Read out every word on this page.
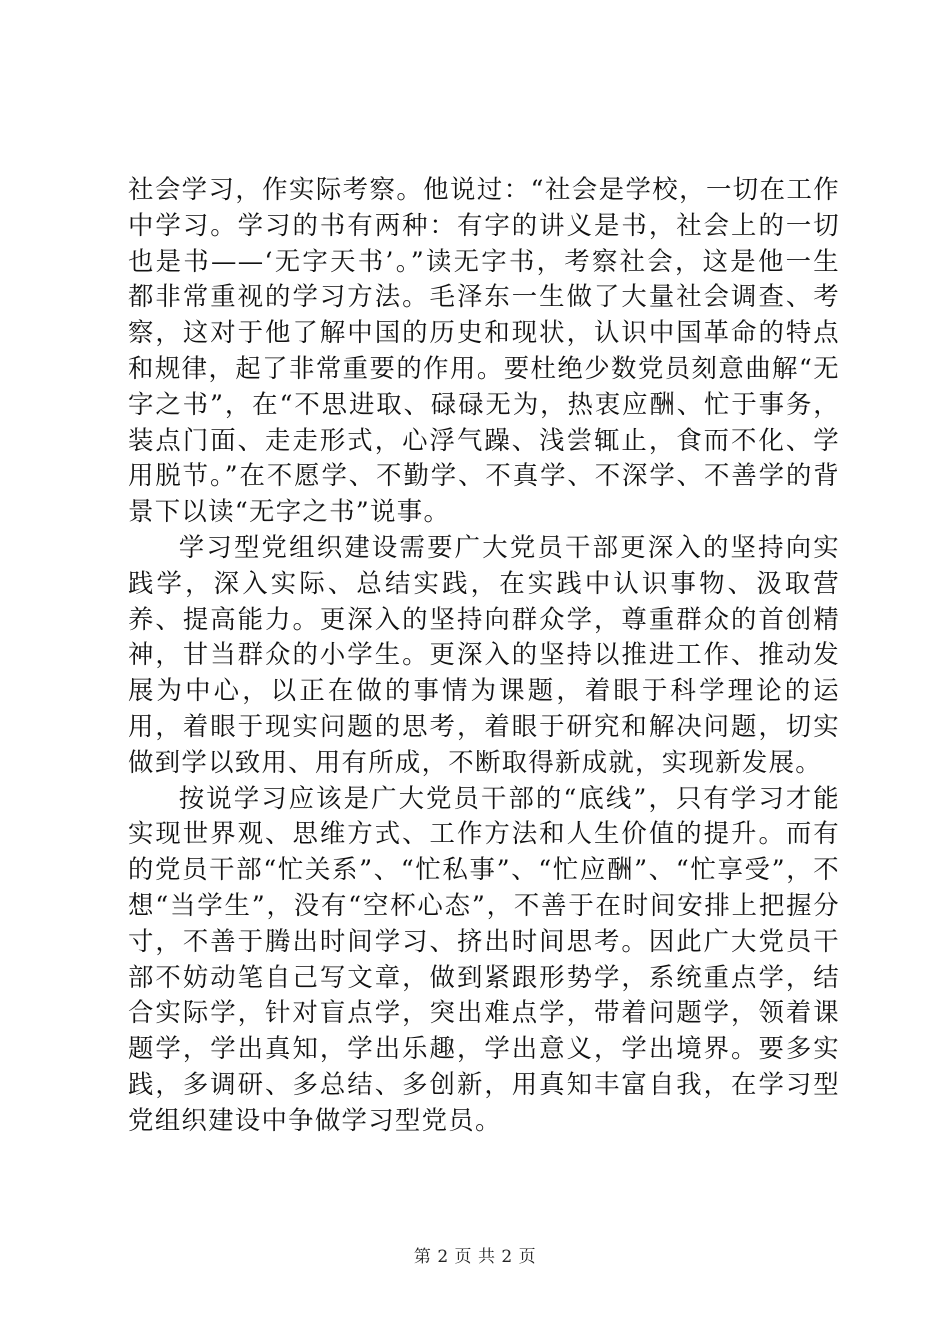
社会学习，作实际考察。他说过：“社会是学校，一切在工作中学习。学习的书有两种：有字的讲义是书，社会上的一切也是书——‘无字天书’。”读无字书，考察社会，这是他一生都非常重视的学习方法。毛泽东一生做了大量社会调查、考察，这对于他了解中国的历史和现状，认识中国革命的特点和规律，起了非常重要的作用。要杜绝少数党员刻意曲解“无字之书”，在“不思进取、碌碌无为，热衷应酬、忙于事务，装点门面、走走形式，心浮气躁、浅尝辄止，食而不化、学用脱节。”在不愿学、不勤学、不真学、不深学、不善学的背景下以读“无字之书”说事。

学习型党组织建设需要广大党员干部更深入的坚持向实践学，深入实际、总结实践，在实践中认识事物、汲取营养、提高能力。更深入的坚持向群众学，尊重群众的首创精神，甘当群众的小学生。更深入的坚持以推进工作、推动发展为中心，以正在做的事情为课题，着眼于科学理论的运用，着眼于现实问题的思考，着眼于研究和解决问题，切实做到学以致用、用有所成，不断取得新成就，实现新发展。

按说学习应该是广大党员干部的“底线”，只有学习才能实现世界观、思维方式、工作方法和人生价值的提升。而有的党员干部“忙关系”、“忙私事”、“忙应酬”、“忙享受”，不想“当学生”，没有“空杯心态”，不善于在时间安排上把握分寸，不善于腾出时间学习、挤出时间思考。因此广大党员干部不妨动笔自己写文章，做到紧跟形势学，系统重点学，结合实际学，针对盲点学，突出难点学，带着问题学，领着课题学，学出真知，学出乐趣，学出意义，学出境界。要多实践，多调研、多总结、多创新，用真知丰富自我，在学习型党组织建设中争做学习型党员。

第 2 页 共 2 页
